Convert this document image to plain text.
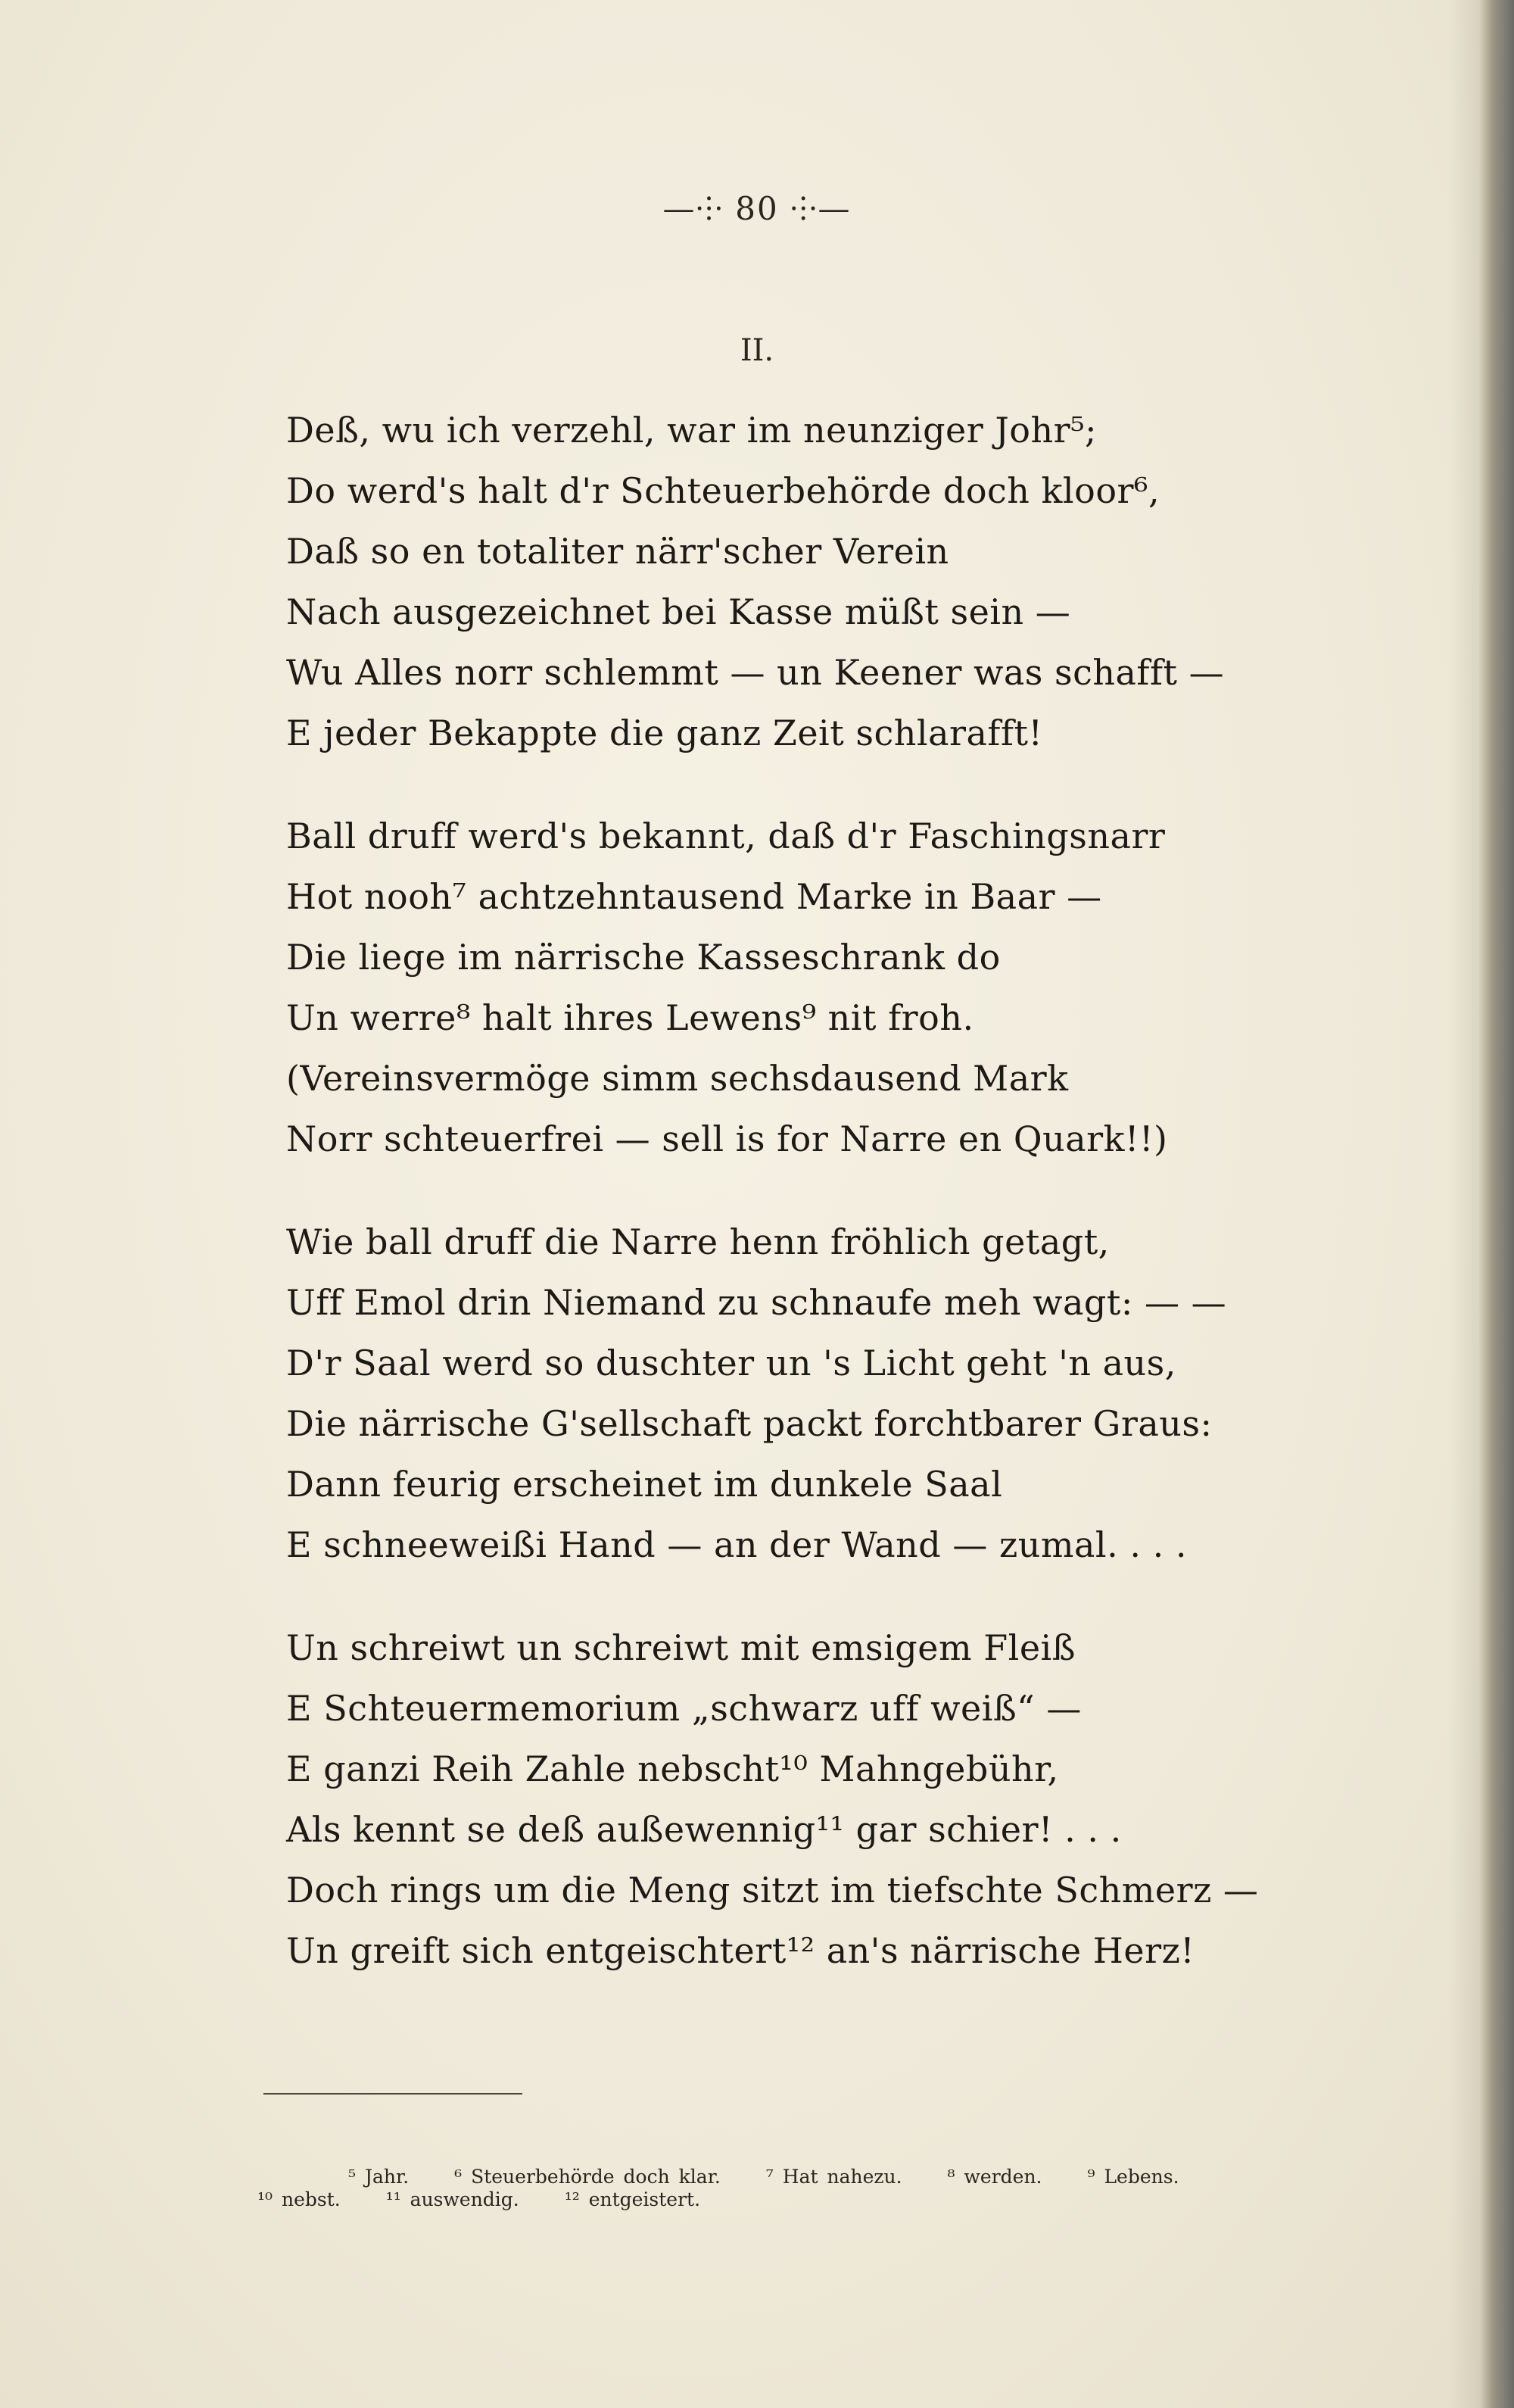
—⸭ 80 ⸭—
II.
Deß, wu ich verzehl, war im neunziger Johr⁵;
Do werd's halt d'r Schteuerbehörde doch kloor⁶,
Daß so en totaliter närr'scher Verein
Nach ausgezeichnet bei Kasse müßt sein —
Wu Alles norr schlemmt — un Keener was schafft —
E jeder Bekappte die ganz Zeit schlarafft!
Ball druff werd's bekannt, daß d'r Faschingsnarr
Hot nooh⁷ achtzehntausend Marke in Baar —
Die liege im närrische Kasseschrank do
Un werre⁸ halt ihres Lewens⁹ nit froh.
(Vereinsvermöge simm sechsdausend Mark
Norr schteuerfrei — sell is for Narre en Quark!!)
Wie ball druff die Narre henn fröhlich getagt,
Uff Emol drin Niemand zu schnaufe meh wagt: — —
D'r Saal werd so duschter un 's Licht geht 'n aus,
Die närrische G'sellschaft packt forchtbarer Graus:
Dann feurig erscheinet im dunkele Saal
E schneeweißi Hand — an der Wand — zumal. . . .
Un schreiwt un schreiwt mit emsigem Fleiß
E Schteuermemorium „schwarz uff weiß“ —
E ganzi Reih Zahle nebscht¹⁰ Mahngebühr,
Als kennt se deß außewennig¹¹ gar schier! . . .
Doch rings um die Meng sitzt im tiefschte Schmerz —
Un greift sich entgeischtert¹² an's närrische Herz!
⁵ Jahr. ⁶ Steuerbehörde doch klar. ⁷ Hat nahezu. ⁸ werden. ⁹ Lebens.
¹⁰ nebst. ¹¹ auswendig. ¹² entgeistert.
